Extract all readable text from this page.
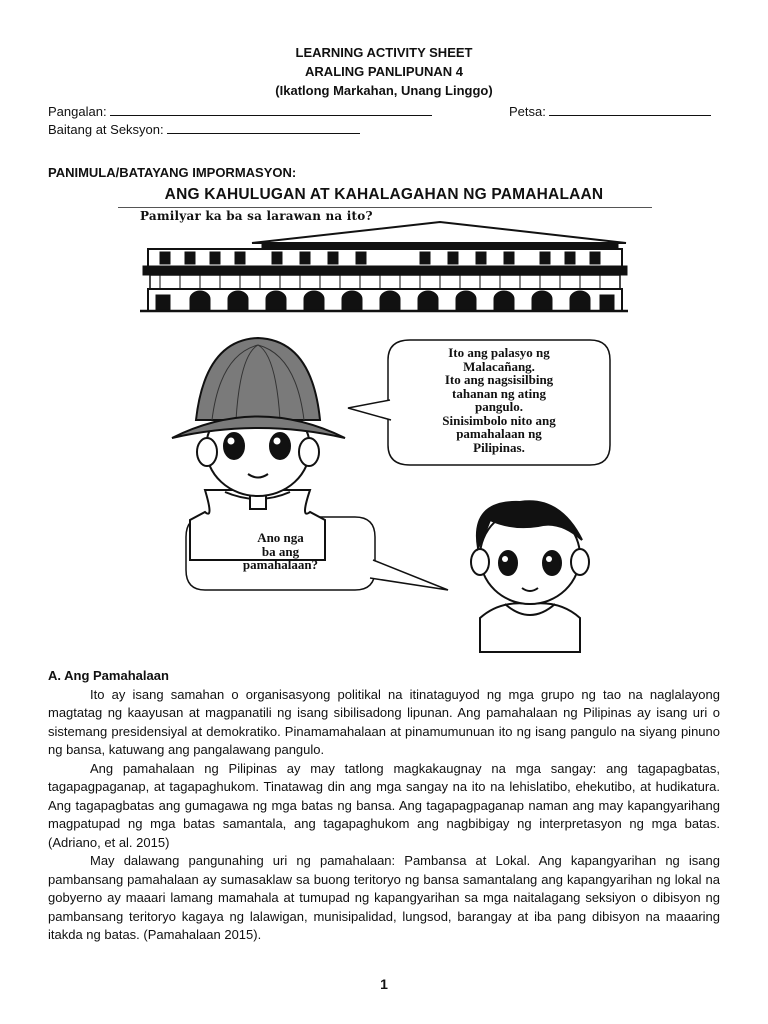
LEARNING ACTIVITY SHEET
ARALING PANLIPUNAN 4
(Ikatlong Markahan, Unang Linggo)
Pangalan:	Petsa:
Baitang at Seksyon:
PANIMULA/BATAYANG IMPORMASYON:
ANG KAHULUGAN AT KAHALAGAHAN NG PAMAHALAAN
Pamilyar ka ba sa larawan na ito?
Ito ang palasyo ng
Malacañang.
Ito ang nagsisilbing
tahanan ng ating
pangulo.
Sinisimbolo nito ang
pamahalaan ng
Pilipinas.
Ano nga
ba ang
pamahalaan?
A. Ang Pamahalaan

Ito ay isang samahan o organisasyong politikal na itinataguyod ng mga grupo ng tao na naglalayong magtatag ng kaayusan at magpanatili ng isang sibilisadong lipunan. Ang pamahalaan ng Pilipinas ay isang uri o sistemang presidensiyal at demokratiko. Pinamamahalaan at pinamumunuan ito ng isang pangulo na siyang pinuno ng bansa, katuwang ang pangalawang pangulo.

Ang pamahalaan ng Pilipinas ay may tatlong magkakaugnay na mga sangay: ang tagapagbatas, tagapagpaganap, at tagapaghukom. Tinatawag din ang mga sangay na ito na lehislatibo, ehekutibo, at hudikatura. Ang tagapagbatas ang gumagawa ng mga batas ng bansa. Ang tagapagpaganap naman ang may kapangyarihang magpatupad ng mga batas samantala, ang tagapaghukom ang nagbibigay ng interpretasyon ng mga batas. (Adriano, et al. 2015)

May dalawang pangunahing uri ng pamahalaan: Pambansa at Lokal. Ang kapangyarihan ng isang pambansang pamahalaan ay sumasaklaw sa buong teritoryo ng bansa samantalang ang kapangyarihan ng lokal na gobyerno ay maaari lamang mamahala at tumupad ng kapangyarihan sa mga naitalagang seksiyon o dibisyon ng pambansang teritoryo kagaya ng lalawigan, munisipalidad, lungsod, barangay at iba pang dibisyon na maaaring itakda ng batas. (Pamahalaan 2015).

1
